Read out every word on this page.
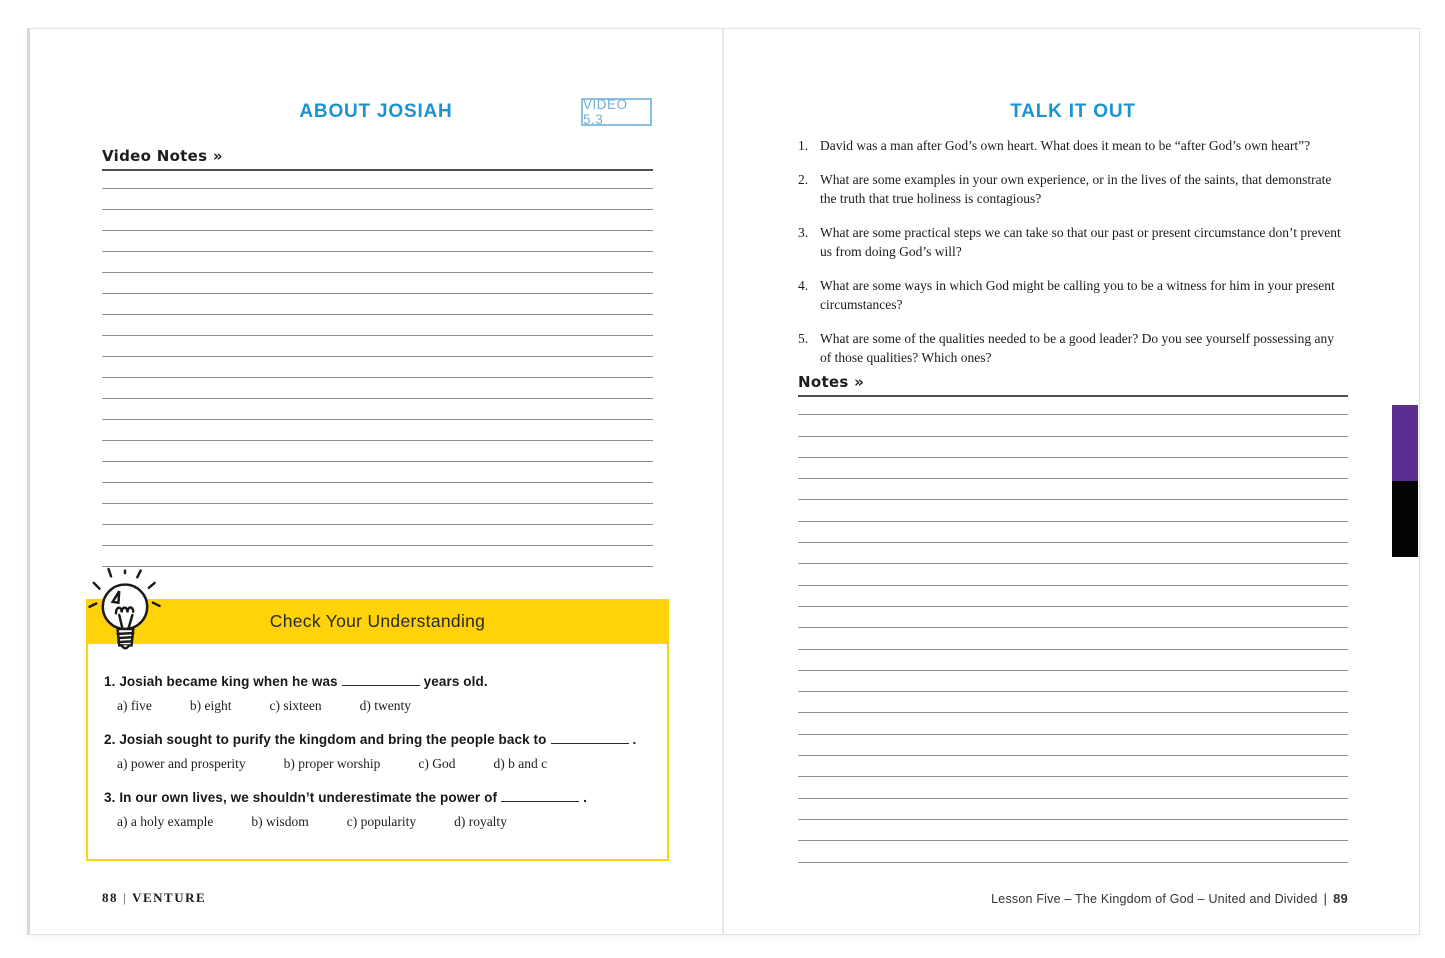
ABOUT JOSIAH	VIDEO 5.3
Video Notes »
Check Your Understanding
1. Josiah became king when he was	years old.
a) five	b) eight	c) sixteen	d) twenty
2. Josiah sought to purify the kingdom and bring the people back to	.
a) power and prosperity	b) proper worship	c) God	d) b and c
3. In our own lives, we shouldn’t underestimate the power of	.
a) a holy example	b) wisdom	c) popularity	d) royalty
88 | VENTURE
TALK IT OUT
1. David was a man after God’s own heart. What does it mean to be “after God’s own heart”?
2. What are some examples in your own experience, or in the lives of the saints, that demonstrate the truth that true holiness is contagious?
3. What are some practical steps we can take so that our past or present circumstance don’t prevent us from doing God’s will?
4. What are some ways in which God might be calling you to be a witness for him in your present circumstances?
5. What are some of the qualities needed to be a good leader? Do you see yourself possessing any of those qualities? Which ones?
Notes »
Lesson Five – The Kingdom of God – United and Divided | 89
